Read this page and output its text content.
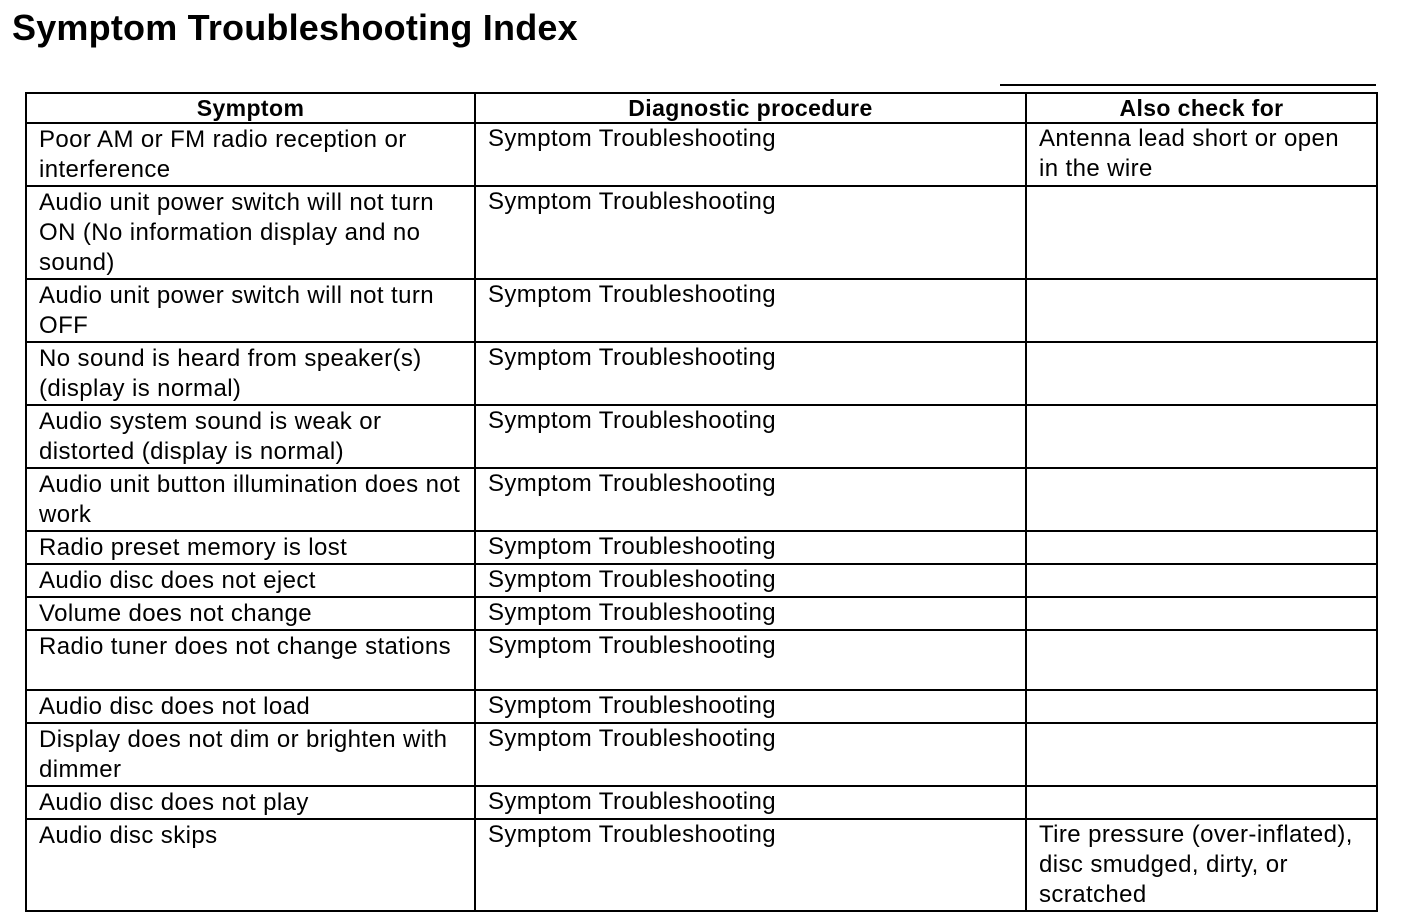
Symptom Troubleshooting Index
Symptom	Diagnostic procedure	Also check for
Poor AM or FM radio reception or interference	Symptom Troubleshooting	Antenna lead short or open in the wire
Audio unit power switch will not turn ON (No information display and no sound)	Symptom Troubleshooting	
Audio unit power switch will not turn OFF	Symptom Troubleshooting	
No sound is heard from speaker(s) (display is normal)	Symptom Troubleshooting	
Audio system sound is weak or distorted (display is normal)	Symptom Troubleshooting	
Audio unit button illumination does not work	Symptom Troubleshooting	
Radio preset memory is lost	Symptom Troubleshooting	
Audio disc does not eject	Symptom Troubleshooting	
Volume does not change	Symptom Troubleshooting	
Radio tuner does not change stations	Symptom Troubleshooting	
Audio disc does not load	Symptom Troubleshooting	
Display does not dim or brighten with dimmer	Symptom Troubleshooting	
Audio disc does not play	Symptom Troubleshooting	
Audio disc skips	Symptom Troubleshooting	Tire pressure (over-inflated), disc smudged, dirty, or scratched
